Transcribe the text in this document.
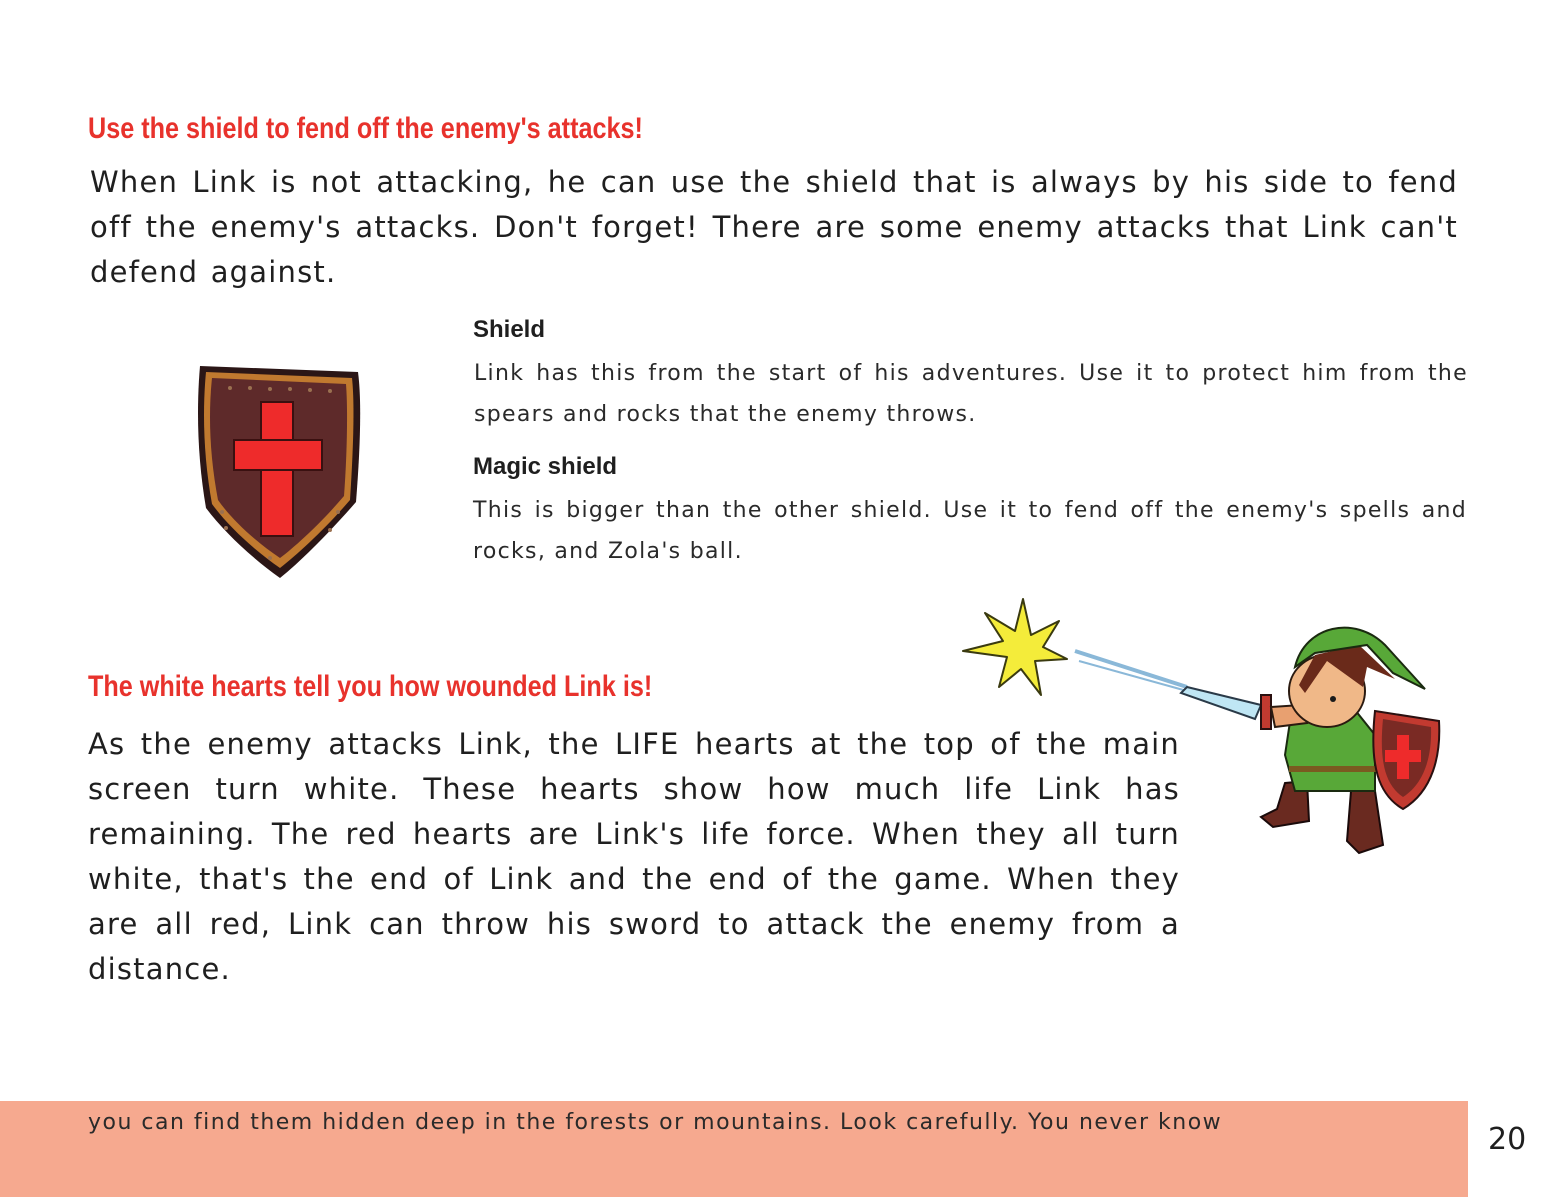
Use the shield to fend off the enemy's attacks!

When Link is not attacking, he can use the shield that is always by his side to fend off the enemy's attacks. Don't forget! There are some enemy attacks that Link can't defend against.

Shield

Link has this from the start of his adventures. Use it to protect him from the spears and rocks that the enemy throws.

Magic shield

This is bigger than the other shield. Use it to fend off the enemy's spells and rocks, and Zola's ball.

The white hearts tell you how wounded Link is!

As the enemy attacks Link, the LIFE hearts at the top of the main screen turn white. These hearts show how much life Link has remaining. The red hearts are Link's life force. When they all turn white, that's the end of Link and the end of the game. When they are all red, Link can throw his sword to attack the enemy from a distance.

you can find them hidden deep in the forests or mountains. Look carefully. You never know	20
